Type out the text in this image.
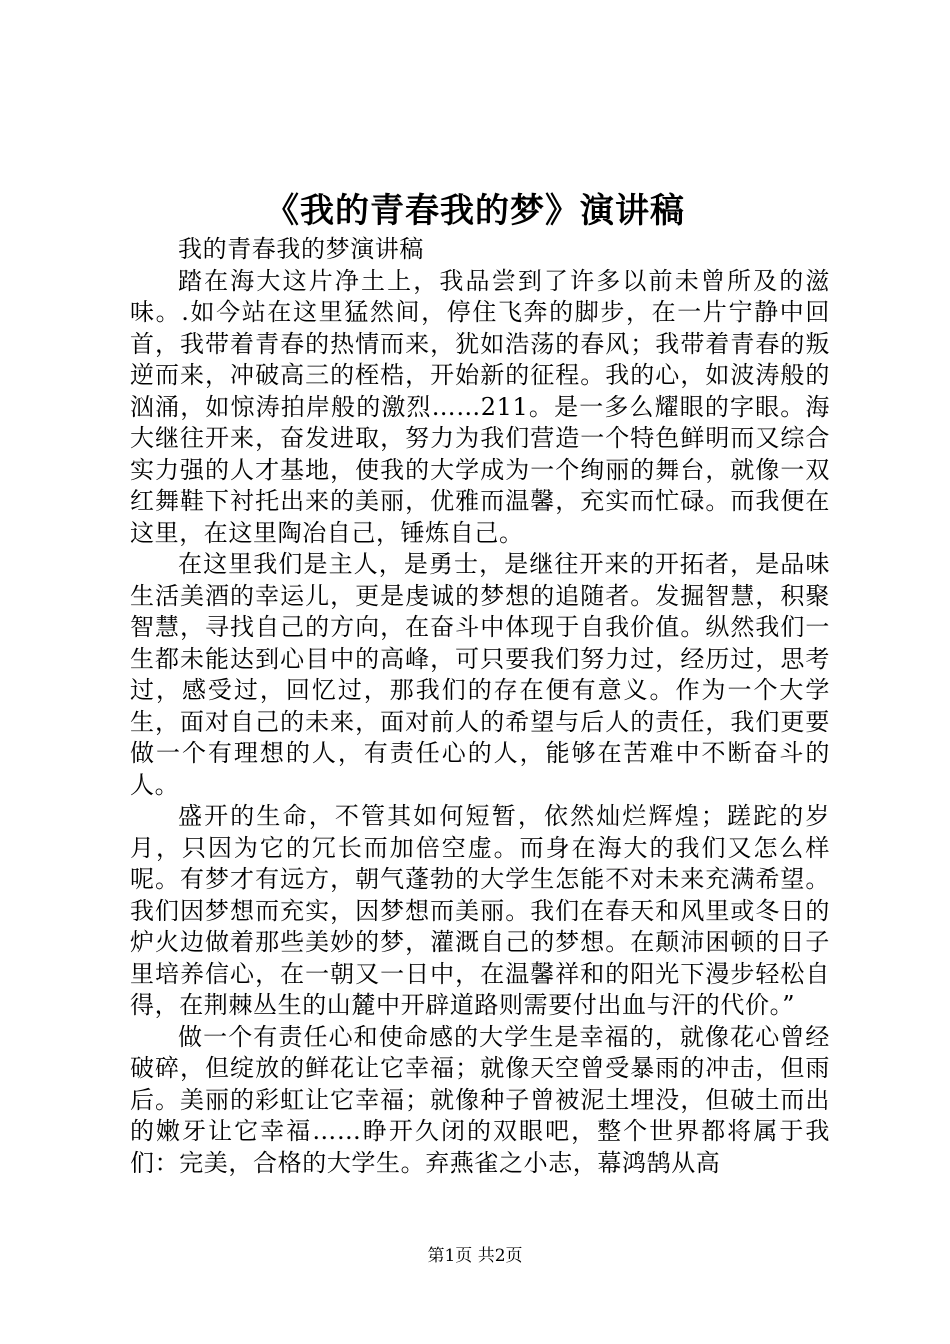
《我的青春我的梦》演讲稿

我的青春我的梦演讲稿

踏在海大这片净土上，我品尝到了许多以前未曾所及的滋味。.如今站在这里猛然间，停住飞奔的脚步，在一片宁静中回首，我带着青春的热情而来，犹如浩荡的春风；我带着青春的叛逆而来，冲破高三的桎梏，开始新的征程。我的心，如波涛般的汹涌，如惊涛拍岸般的激烈……211。是一多么耀眼的字眼。海大继往开来，奋发进取，努力为我们营造一个特色鲜明而又综合实力强的人才基地，使我的大学成为一个绚丽的舞台，就像一双红舞鞋下衬托出来的美丽，优雅而温馨，充实而忙碌。而我便在这里，在这里陶冶自己，锤炼自己。

在这里我们是主人，是勇士，是继往开来的开拓者，是品味生活美酒的幸运儿，更是虔诚的梦想的追随者。发掘智慧，积聚智慧，寻找自己的方向，在奋斗中体现于自我价值。纵然我们一生都未能达到心目中的高峰，可只要我们努力过，经历过，思考过，感受过，回忆过，那我们的存在便有意义。作为一个大学生，面对自己的未来，面对前人的希望与后人的责任，我们更要做一个有理想的人，有责任心的人，能够在苦难中不断奋斗的人。

盛开的生命，不管其如何短暂，依然灿烂辉煌；蹉跎的岁月，只因为它的冗长而加倍空虚。而身在海大的我们又怎么样呢。有梦才有远方，朝气蓬勃的大学生怎能不对未来充满希望。我们因梦想而充实，因梦想而美丽。我们在春天和风里或冬日的炉火边做着那些美妙的梦，灌溉自己的梦想。在颠沛困顿的日子里培养信心，在一朝又一日中，在温馨祥和的阳光下漫步轻松自得，在荆棘丛生的山麓中开辟道路则需要付出血与汗的代价。”

做一个有责任心和使命感的大学生是幸福的，就像花心曾经破碎，但绽放的鲜花让它幸福；就像天空曾受暴雨的冲击，但雨后。美丽的彩虹让它幸福；就像种子曾被泥土埋没，但破土而出的嫩牙让它幸福……睁开久闭的双眼吧，整个世界都将属于我们：完美，合格的大学生。弃燕雀之小志，幕鸿鹄从高

第1页 共2页
